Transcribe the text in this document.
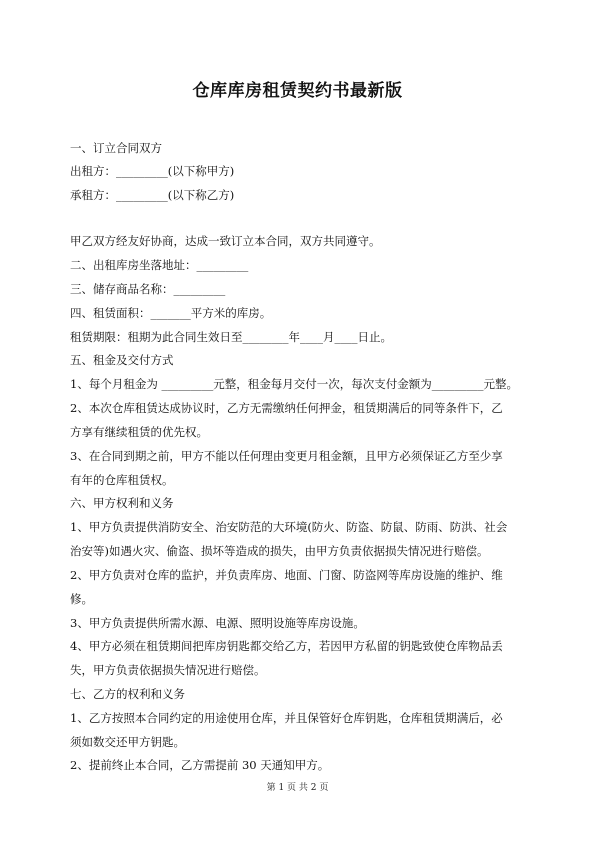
仓库库房租赁契约书最新版
一、订立合同双方
出租方：_________(以下称甲方)
承租方：_________(以下称乙方)
甲乙双方经友好协商，达成一致订立本合同，双方共同遵守。
二、出租库房坐落地址：_________
三、储存商品名称：_________
四、租赁面积：_______平方米的库房。
租赁期限：租期为此合同生效日至________年____月____日止。
五、租金及交付方式
1、每个月租金为 _________元整，租金每月交付一次，每次支付金额为_________元整。
2、本次仓库租赁达成协议时，乙方无需缴纳任何押金，租赁期满后的同等条件下，乙
方享有继续租赁的优先权。
3、在合同到期之前，甲方不能以任何理由变更月租金额，且甲方必须保证乙方至少享
有年的仓库租赁权。
六、甲方权利和义务
1、甲方负责提供消防安全、治安防范的大环境(防火、防盗、防鼠、防雨、防洪、社会
治安等)如遇火灾、偷盗、损坏等造成的损失，由甲方负责依据损失情况进行赔偿。
2、甲方负责对仓库的监护，并负责库房、地面、门窗、防盗网等库房设施的维护、维
修。
3、甲方负责提供所需水源、电源、照明设施等库房设施。
4、甲方必须在租赁期间把库房钥匙都交给乙方，若因甲方私留的钥匙致使仓库物品丢
失，甲方负责依据损失情况进行赔偿。
七、乙方的权利和义务
1、乙方按照本合同约定的用途使用仓库，并且保管好仓库钥匙，仓库租赁期满后，必
须如数交还甲方钥匙。
2、提前终止本合同，乙方需提前 30 天通知甲方。
第 1 页 共 2 页
